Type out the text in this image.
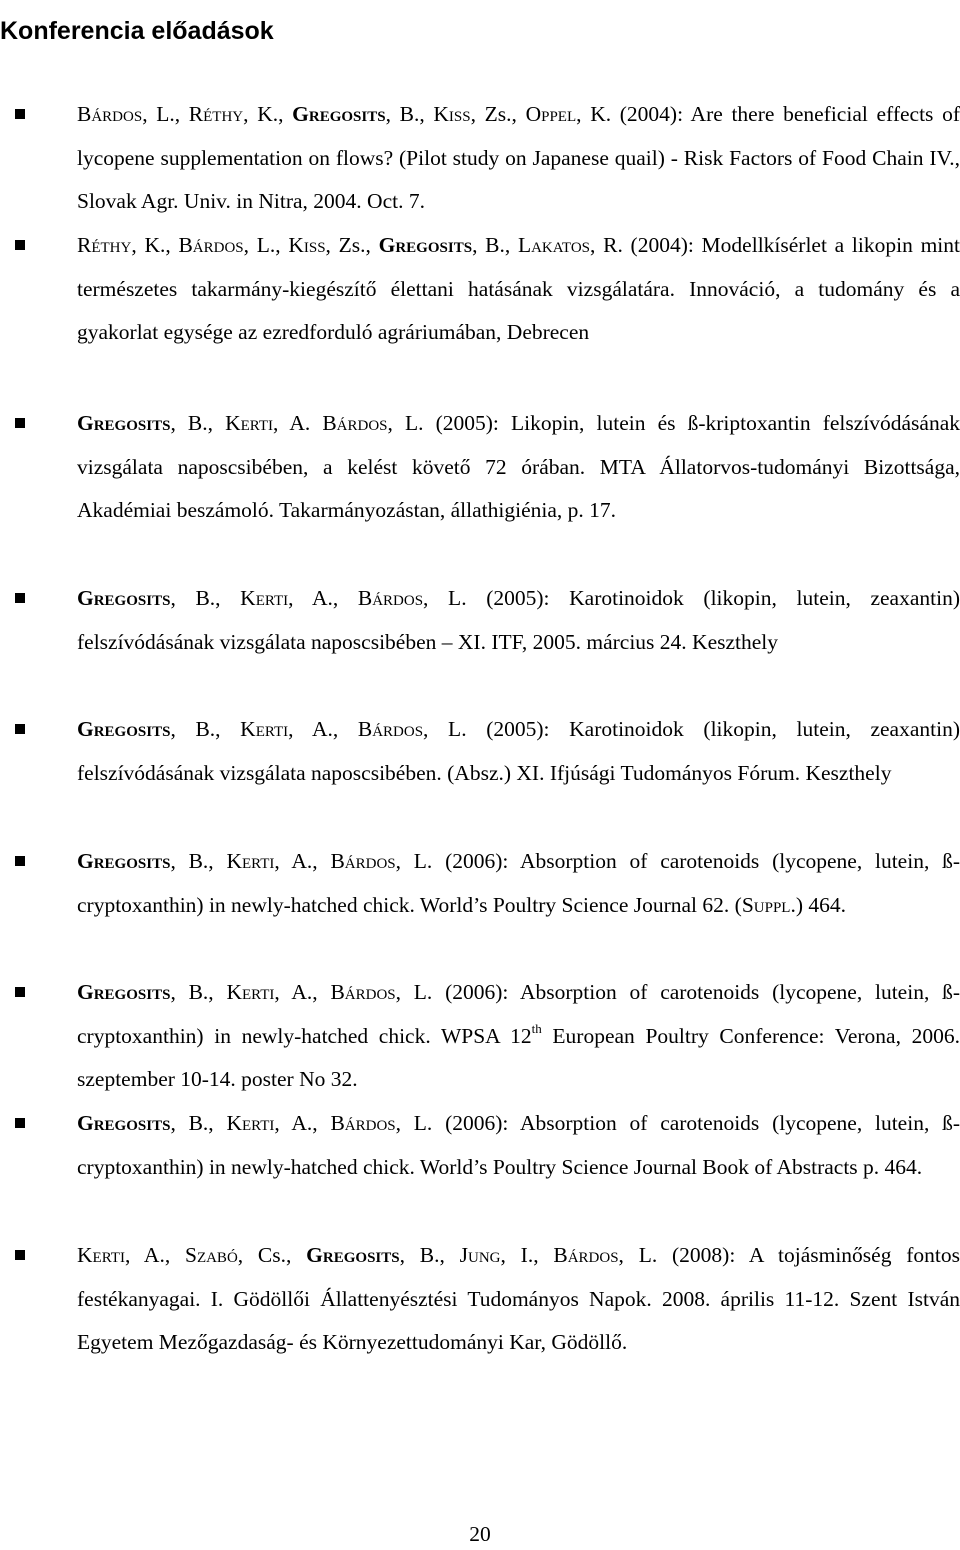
Konferencia előadások
Bárdos, L., Réthy, K., Gregosits, B., Kiss, Zs., Oppel, K. (2004): Are there beneficial effects of lycopene supplementation on flows? (Pilot study on Japanese quail) - Risk Factors of Food Chain IV., Slovak Agr. Univ. in Nitra, 2004. Oct. 7.
Réthy, K., Bárdos, L., Kiss, Zs., Gregosits, B., Lakatos, R. (2004): Modellkísérlet a likopin mint természetes takarmány-kiegészítő élettani hatásának vizsgálatára. Innováció, a tudomány és a gyakorlat egysége az ezredforduló agráriumában, Debrecen
Gregosits, B., Kerti, A. Bárdos, L. (2005): Likopin, lutein és ß-kriptoxantin felszívódásának vizsgálata naposcsibében, a kelést követő 72 órában. MTA Állatorvos-tudományi Bizottsága, Akadémiai beszámoló. Takarmányozástan, állathigiénia, p. 17.
Gregosits, B., Kerti, A., Bárdos, L. (2005): Karotinoidok (likopin, lutein, zeaxantin) felszívódásának vizsgálata naposcsibében – XI. ITF, 2005. március 24. Keszthely
Gregosits, B., Kerti, A., Bárdos, L. (2005): Karotinoidok (likopin, lutein, zeaxantin) felszívódásának vizsgálata naposcsibében. (Absz.) XI. Ifjúsági Tudományos Fórum. Keszthely
Gregosits, B., Kerti, A., Bárdos, L. (2006): Absorption of carotenoids (lycopene, lutein, ß-cryptoxanthin) in newly-hatched chick. World’s Poultry Science Journal 62. (Suppl.) 464.
Gregosits, B., Kerti, A., Bárdos, L. (2006): Absorption of carotenoids (lycopene, lutein, ß-cryptoxanthin) in newly-hatched chick. WPSA 12th European Poultry Conference: Verona, 2006. szeptember 10-14. poster No 32.
Gregosits, B., Kerti, A., Bárdos, L. (2006): Absorption of carotenoids (lycopene, lutein, ß-cryptoxanthin) in newly-hatched chick. World’s Poultry Science Journal Book of Abstracts p. 464.
Kerti, A., Szabó, Cs., Gregosits, B., Jung, I., Bárdos, L. (2008): A tojásminőség fontos festékanyagai. I. Gödöllői Állattenyésztési Tudományos Napok. 2008. április 11-12. Szent István Egyetem Mezőgazdaság- és Környezettudományi Kar, Gödöllő.
20
